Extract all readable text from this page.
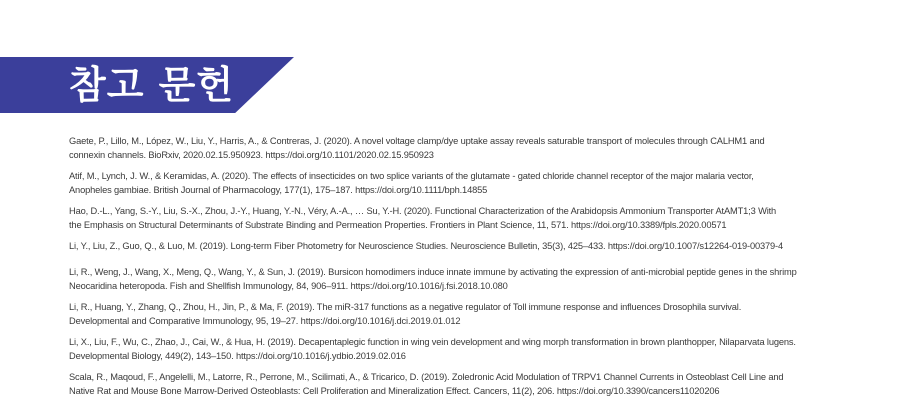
참고 문헌
Gaete, P., Lillo, M., López, W., Liu, Y., Harris, A., & Contreras, J. (2020). A novel voltage clamp/dye uptake assay reveals saturable transport of molecules through CALHM1 and
connexin channels. BioRxiv, 2020.02.15.950923. https://doi.org/10.1101/2020.02.15.950923
Atif, M., Lynch, J. W., & Keramidas, A. (2020). The effects of insecticides on two splice variants of the glutamate - gated chloride channel receptor of the major malaria vector,
Anopheles gambiae. British Journal of Pharmacology, 177(1), 175–187. https://doi.org/10.1111/bph.14855
Hao, D.-L., Yang, S.-Y., Liu, S.-X., Zhou, J.-Y., Huang, Y.-N., Véry, A.-A., … Su, Y.-H. (2020). Functional Characterization of the Arabidopsis Ammonium Transporter AtAMT1;3 With
the Emphasis on Structural Determinants of Substrate Binding and Permeation Properties. Frontiers in Plant Science, 11, 571. https://doi.org/10.3389/fpls.2020.00571
Li, Y., Liu, Z., Guo, Q., & Luo, M. (2019). Long-term Fiber Photometry for Neuroscience Studies. Neuroscience Bulletin, 35(3), 425–433. https://doi.org/10.1007/s12264-019-00379-4
Li, R., Weng, J., Wang, X., Meng, Q., Wang, Y., & Sun, J. (2019). Bursicon homodimers induce innate immune by activating the expression of anti-microbial peptide genes in the shrimp
Neocaridina heteropoda. Fish and Shellfish Immunology, 84, 906–911. https://doi.org/10.1016/j.fsi.2018.10.080
Li, R., Huang, Y., Zhang, Q., Zhou, H., Jin, P., & Ma, F. (2019). The miR-317 functions as a negative regulator of Toll immune response and influences Drosophila survival.
Developmental and Comparative Immunology, 95, 19–27. https://doi.org/10.1016/j.dci.2019.01.012
Li, X., Liu, F., Wu, C., Zhao, J., Cai, W., & Hua, H. (2019). Decapentaplegic function in wing vein development and wing morph transformation in brown planthopper, Nilaparvata lugens.
Developmental Biology, 449(2), 143–150. https://doi.org/10.1016/j.ydbio.2019.02.016
Scala, R., Maqoud, F., Angelelli, M., Latorre, R., Perrone, M., Scilimati, A., & Tricarico, D. (2019). Zoledronic Acid Modulation of TRPV1 Channel Currents in Osteoblast Cell Line and
Native Rat and Mouse Bone Marrow-Derived Osteoblasts: Cell Proliferation and Mineralization Effect. Cancers, 11(2), 206. https://doi.org/10.3390/cancers11020206
